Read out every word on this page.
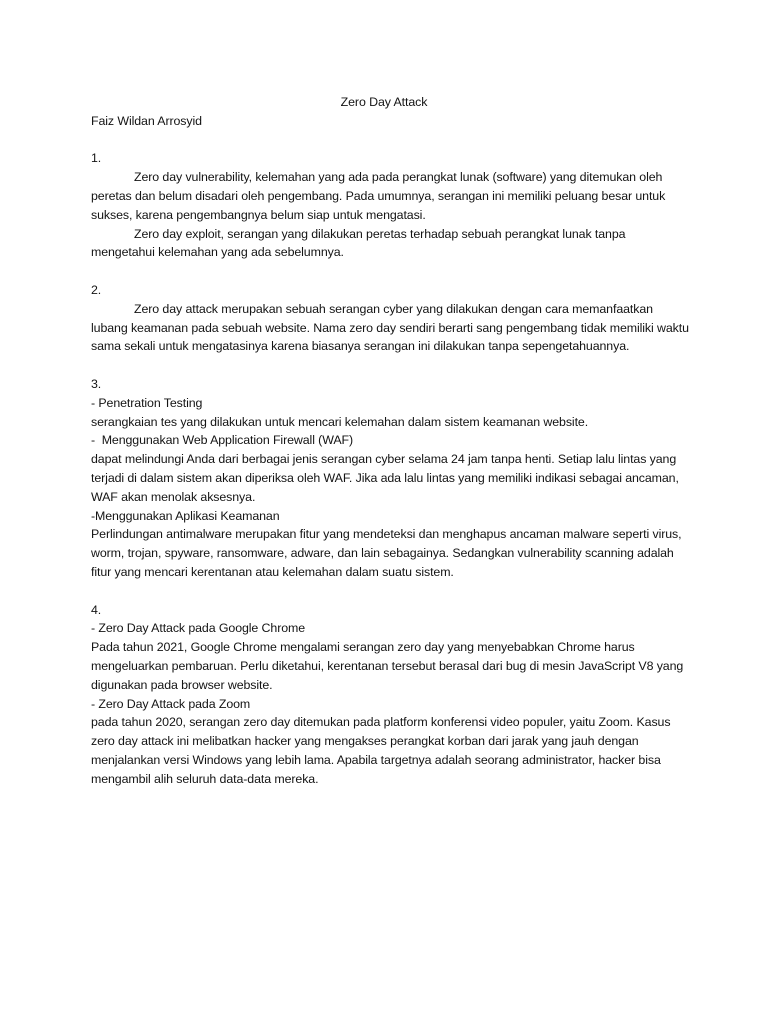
Zero Day Attack

Faiz Wildan Arrosyid

1.

Zero day vulnerability, kelemahan yang ada pada perangkat lunak (software) yang ditemukan oleh peretas dan belum disadari oleh pengembang. Pada umumnya, serangan ini memiliki peluang besar untuk sukses, karena pengembangnya belum siap untuk mengatasi.

Zero day exploit, serangan yang dilakukan peretas terhadap sebuah perangkat lunak tanpa mengetahui kelemahan yang ada sebelumnya.

2.

Zero day attack merupakan sebuah serangan cyber yang dilakukan dengan cara memanfaatkan lubang keamanan pada sebuah website. Nama zero day sendiri berarti sang pengembang tidak memiliki waktu sama sekali untuk mengatasinya karena biasanya serangan ini dilakukan tanpa sepengetahuannya.

3.

- Penetration Testing

serangkaian tes yang dilakukan untuk mencari kelemahan dalam sistem keamanan website.

-  Menggunakan Web Application Firewall (WAF)

dapat melindungi Anda dari berbagai jenis serangan cyber selama 24 jam tanpa henti. Setiap lalu lintas yang terjadi di dalam sistem akan diperiksa oleh WAF. Jika ada lalu lintas yang memiliki indikasi sebagai ancaman, WAF akan menolak aksesnya.

-Menggunakan Aplikasi Keamanan

Perlindungan antimalware merupakan fitur yang mendeteksi dan menghapus ancaman malware seperti virus, worm, trojan, spyware, ransomware, adware, dan lain sebagainya. Sedangkan vulnerability scanning adalah fitur yang mencari kerentanan atau kelemahan dalam suatu sistem.

4.

- Zero Day Attack pada Google Chrome

Pada tahun 2021, Google Chrome mengalami serangan zero day yang menyebabkan Chrome harus mengeluarkan pembaruan. Perlu diketahui, kerentanan tersebut berasal dari bug di mesin JavaScript V8 yang digunakan pada browser website.

- Zero Day Attack pada Zoom

pada tahun 2020, serangan zero day ditemukan pada platform konferensi video populer, yaitu Zoom. Kasus zero day attack ini melibatkan hacker yang mengakses perangkat korban dari jarak yang jauh dengan menjalankan versi Windows yang lebih lama. Apabila targetnya adalah seorang administrator, hacker bisa mengambil alih seluruh data-data mereka.
